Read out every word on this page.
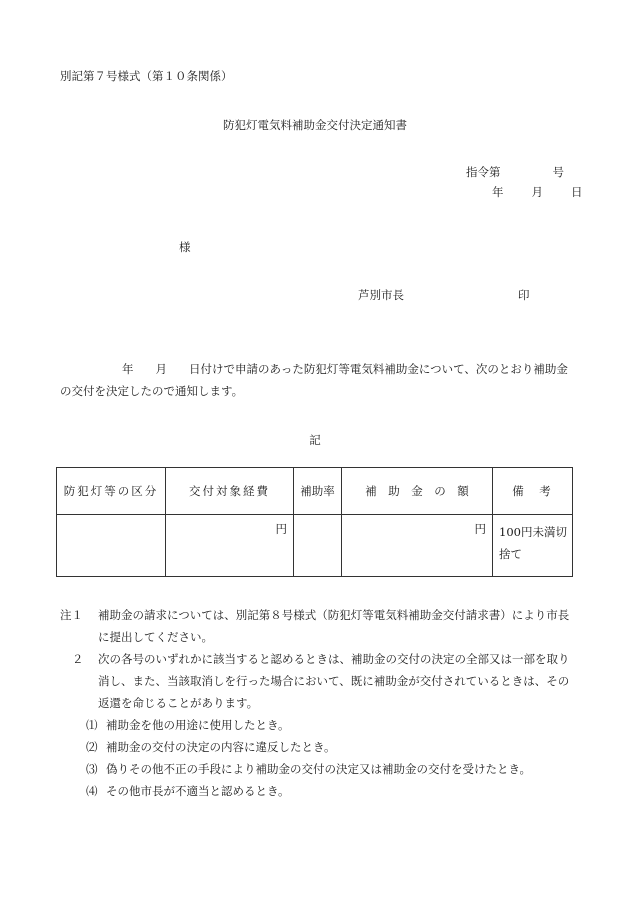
別記第７号様式（第１０条関係）
防犯灯電気料補助金交付決定通知書
指令第	号
年 月 日
様
芦別市長	印
年 月 日付けで申請のあった防犯灯等電気料補助金について、次のとおり補助金の交付を決定したので通知します。
記
防犯灯等の区分	交付対象経費	補助率	補　助　金　の　額	備　考
	円		円	100円未満切捨て
注１ 補助金の請求については、別記第８号様式（防犯灯等電気料補助金交付請求書）により市長に提出してください。
２	次の各号のいずれかに該当すると認めるときは、補助金の交付の決定の全部又は一部を取り消し、また、当該取消しを行った場合において、既に補助金が交付されているときは、その返還を命じることがあります。
⑴ 補助金を他の用途に使用したとき。
⑵ 補助金の交付の決定の内容に違反したとき。
⑶ 偽りその他不正の手段により補助金の交付の決定又は補助金の交付を受けたとき。
⑷ その他市長が不適当と認めるとき。
